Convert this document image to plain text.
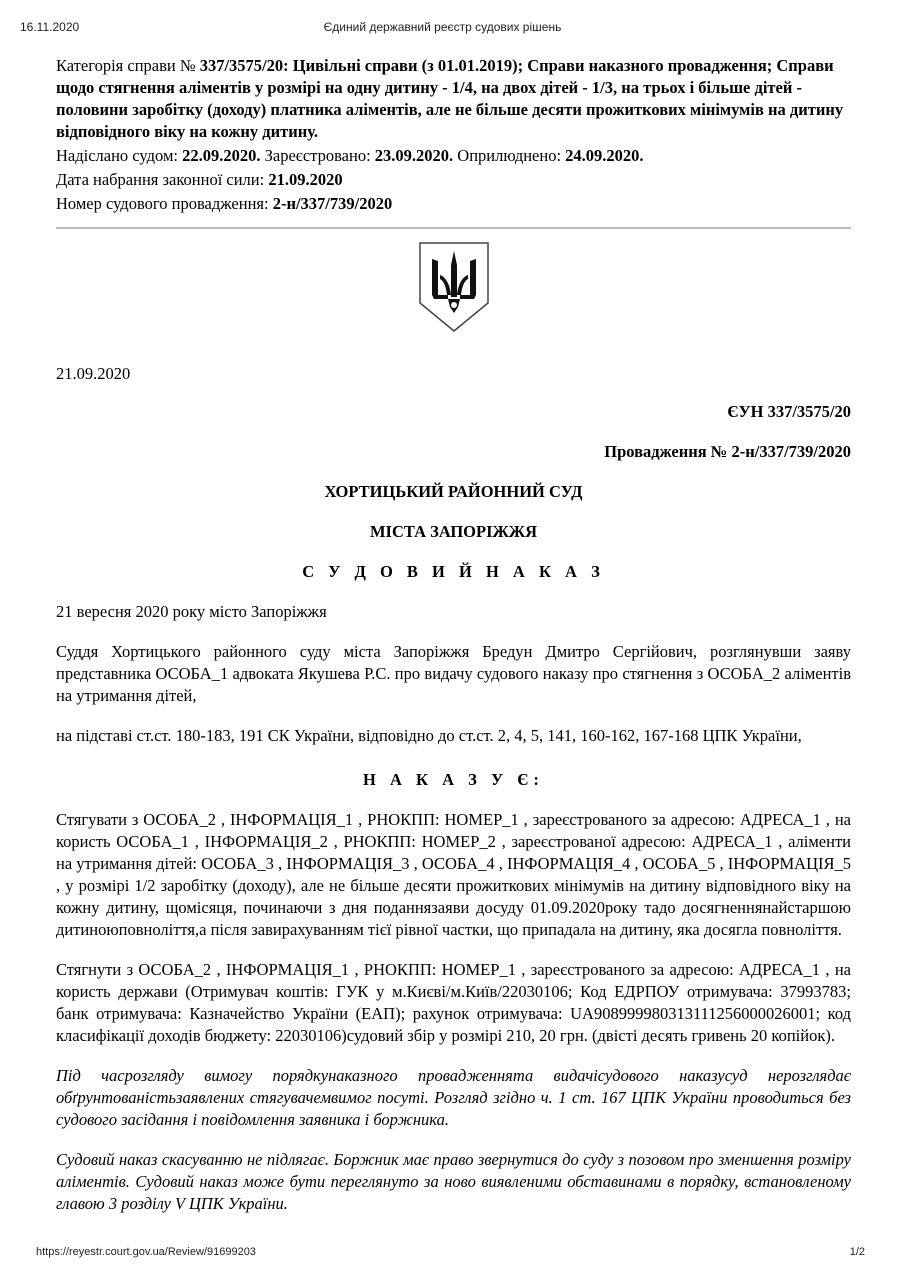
16.11.2020	Єдиний державний реєстр судових рішень

Категорія справи № 337/3575/20: Цивільні справи (з 01.01.2019); Справи наказного провадження; Справи щодо стягнення аліментів у розмірі на одну дитину - 1/4, на двох дітей - 1/3, на трьох і більше дітей - половини заробітку (доходу) платника аліментів, але не більше десяти прожиткових мінімумів на дитину відповідного віку на кожну дитину.

Надіслано судом: 22.09.2020. Зареєстровано: 23.09.2020. Оприлюднено: 24.09.2020.

Дата набрання законної сили: 21.09.2020

Номер судового провадження: 2-н/337/739/2020

21.09.2020

ЄУН 337/3575/20

Провадження № 2-н/337/739/2020

ХОРТИЦЬКИЙ РАЙОННИЙ СУД

МІСТА ЗАПОРІЖЖЯ

С У Д О В И Й Н А К А З

21 вересня 2020 року місто Запоріжжя

Суддя Хортицького районного суду міста Запоріжжя Бредун Дмитро Сергійович, розглянувши заяву представника ОСОБА_1 адвоката Якушева Р.С. про видачу судового наказу про стягнення з ОСОБА_2 аліментів на утримання дітей,

на підставі ст.ст. 180-183, 191 СК України, відповідно до ст.ст. 2, 4, 5, 141, 160-162, 167-168 ЦПК України,

Н А К А З У Є:

Стягувати з ОСОБА_2 , ІНФОРМАЦІЯ_1 , РНОКПП: НОМЕР_1 , зареєстрованого за адресою: АДРЕСА_1 , на користь ОСОБА_1 , ІНФОРМАЦІЯ_2 , РНОКПП: НОМЕР_2 , зареєстрованої адресою: АДРЕСА_1 , аліменти на утримання дітей: ОСОБА_3 , ІНФОРМАЦІЯ_3 , ОСОБА_4 , ІНФОРМАЦІЯ_4 , ОСОБА_5 , ІНФОРМАЦІЯ_5 , у розмірі 1/2 заробітку (доходу), але не більше десяти прожиткових мінімумів на дитину відповідного віку на кожну дитину, щомісяця, починаючи з дня поданнязаяви досуду 01.09.2020року тадо досягненнянайстаршою дитиноюповноліття,а після завирахуванням тієї рівної частки, що припадала на дитину, яка досягла повноліття.

Стягнути з ОСОБА_2 , ІНФОРМАЦІЯ_1 , РНОКПП: НОМЕР_1 , зареєстрованого за адресою: АДРЕСА_1 , на користь держави (Отримувач коштів: ГУК у м.Києві/м.Київ/22030106; Код ЕДРПОУ отримувача: 37993783; банк отримувача: Казначейство України (ЕАП); рахунок отримувача: UA908999980313111256000026001; код класифікації доходів бюджету: 22030106)судовий збір у розмірі 210, 20 грн. (двісті десять гривень 20 копійок).

Під часрозгляду вимогу порядкунаказного провадженнята видачісудового наказусуд нерозглядає обґрунтованістьзаявлених стягувачемвимог посуті. Розгляд згідно ч. 1 ст. 167 ЦПК України проводиться без судового засідання і повідомлення заявника і боржника.

Судовий наказ скасуванню не підлягає. Боржник має право звернутися до суду з позовом про зменшення розміру аліментів. Судовий наказ може бути переглянуто за ново виявленими обставинами в порядку, встановленому главою 3 розділу V ЦПК України.

https://reyestr.court.gov.ua/Review/91699203	1/2
